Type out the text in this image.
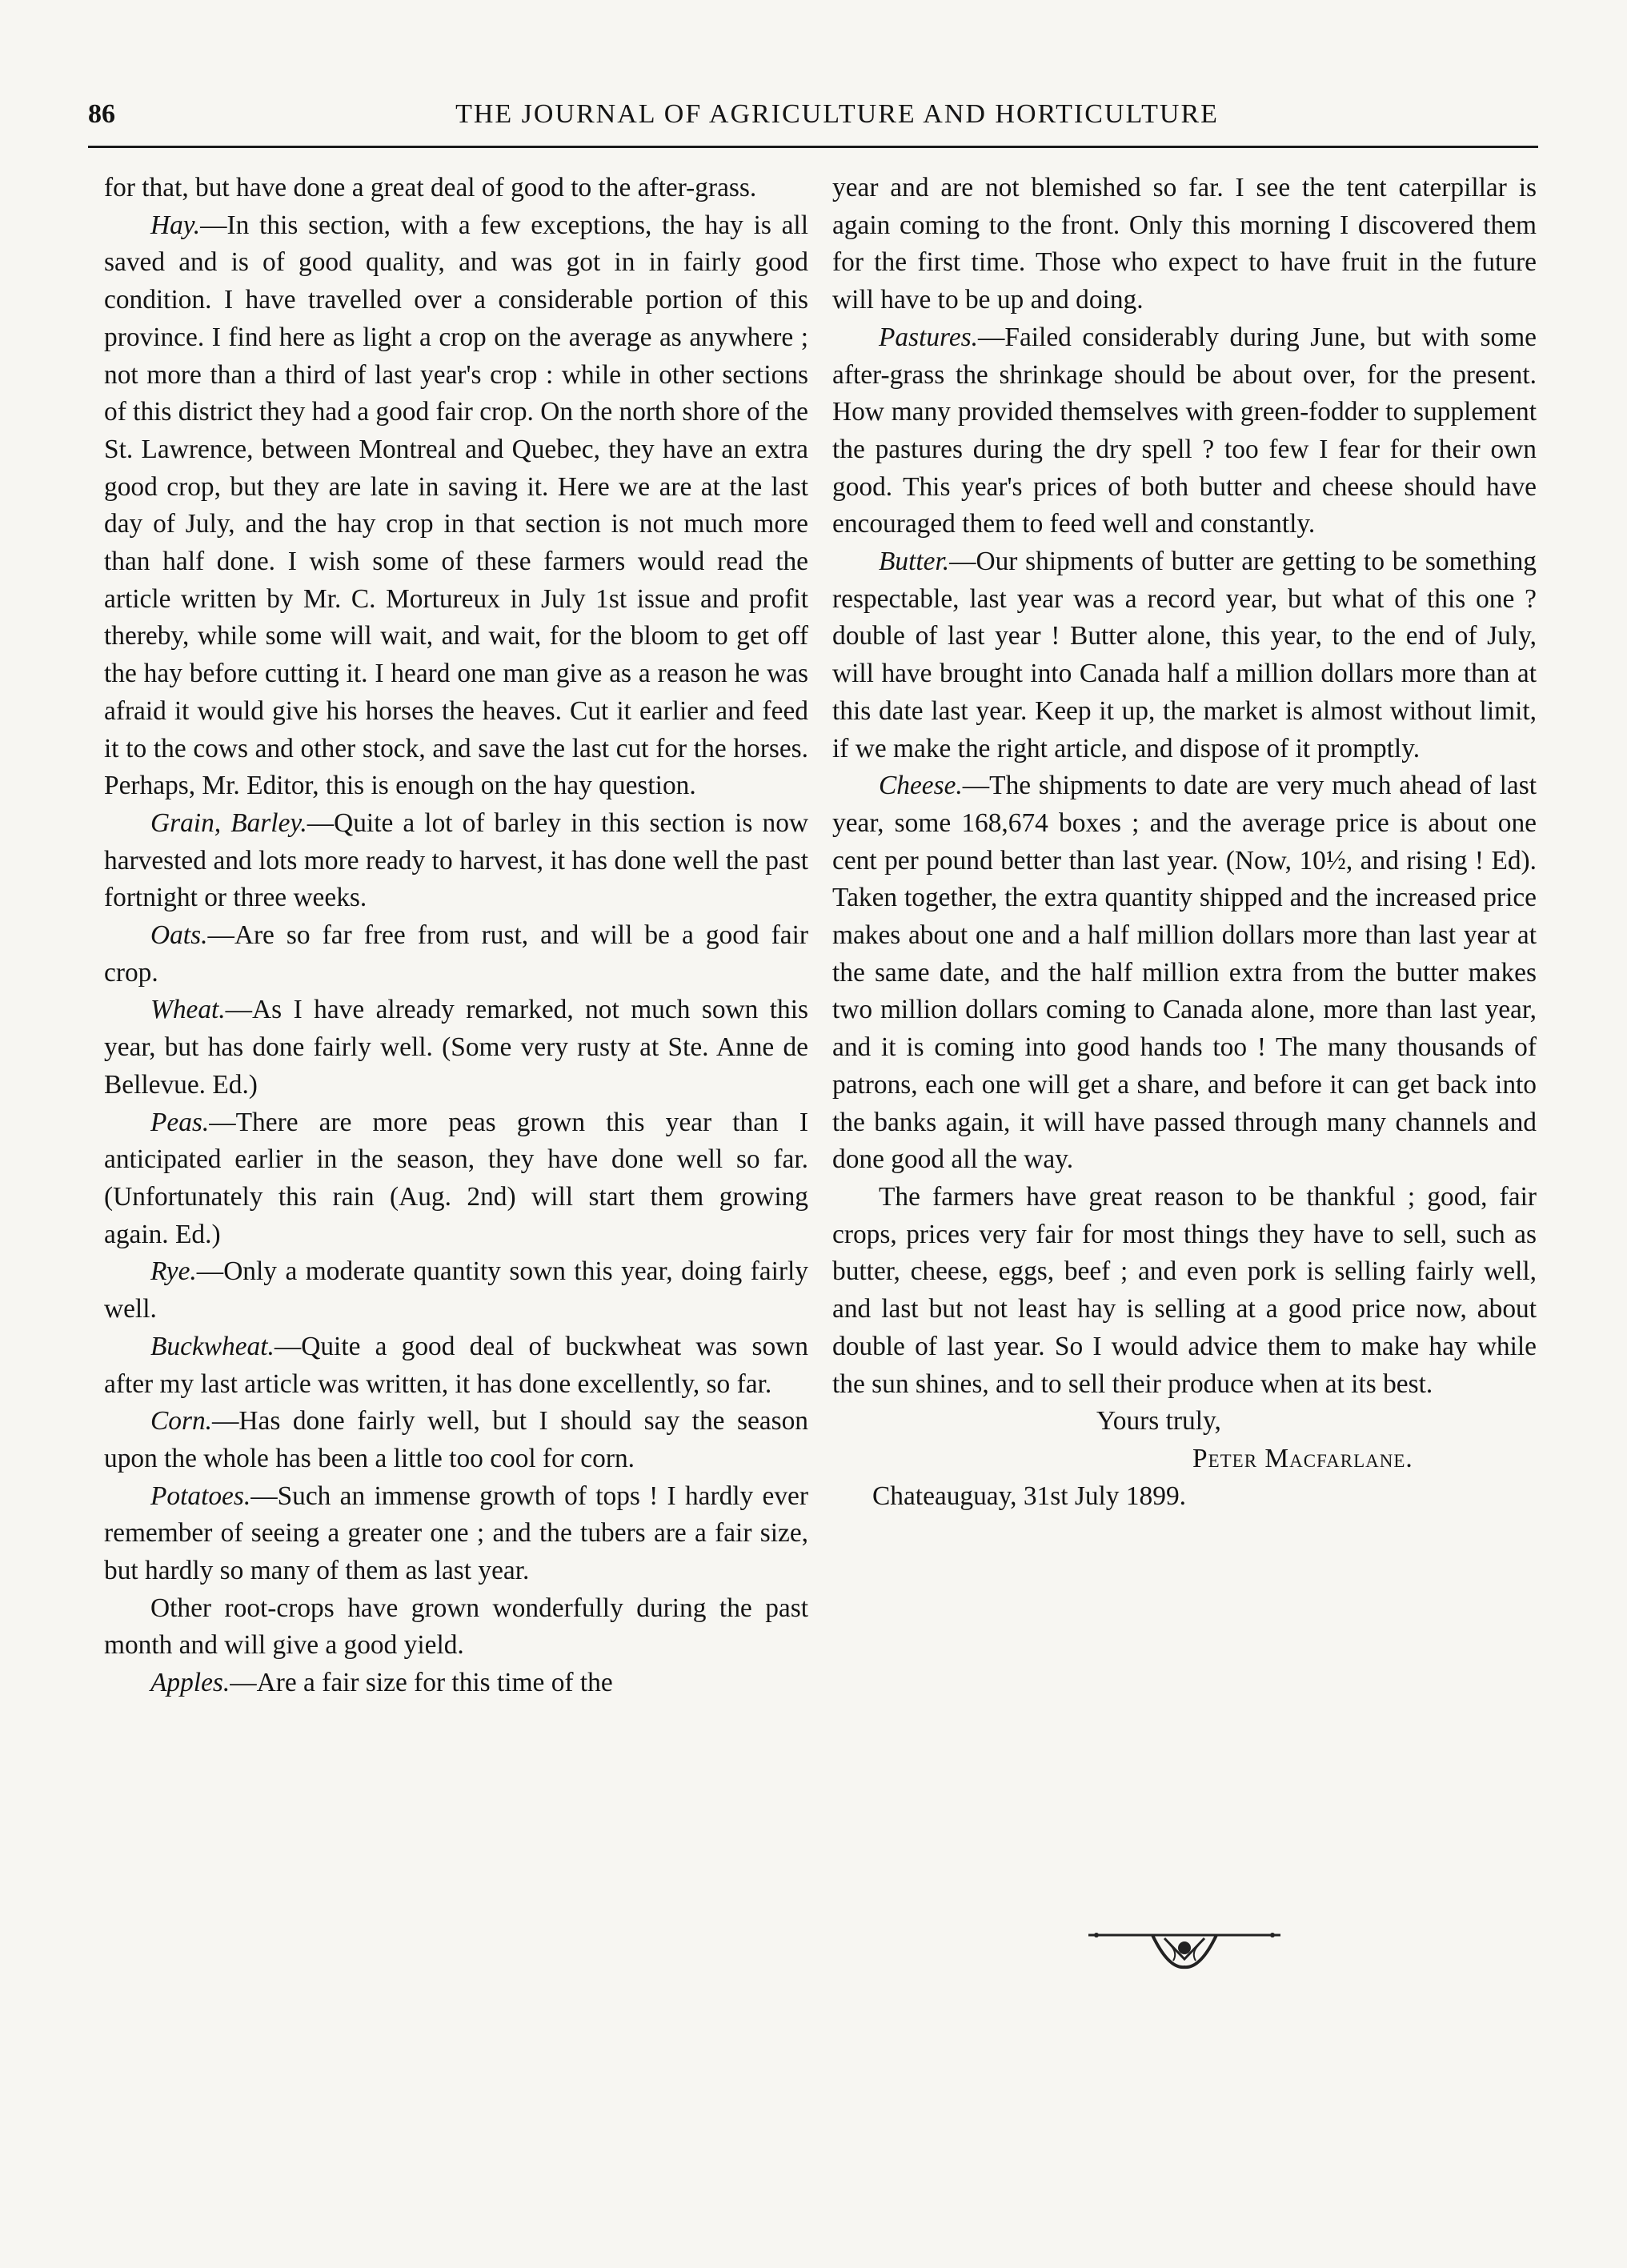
86	THE JOURNAL OF AGRICULTURE AND HORTICULTURE

for that, but have done a great deal of good to the after-grass.

Hay.—In this section, with a few exceptions, the hay is all saved and is of good quality, and was got in in fairly good condition. I have travelled over a considerable portion of this province. I find here as light a crop on the average as anywhere ; not more than a third of last year's crop : while in other sections of this district they had a good fair crop. On the north shore of the St. Lawrence, between Montreal and Quebec, they have an extra good crop, but they are late in saving it. Here we are at the last day of July, and the hay crop in that section is not much more than half done. I wish some of these farmers would read the article written by Mr. C. Mortureux in July 1st issue and profit thereby, while some will wait, and wait, for the bloom to get off the hay before cutting it. I heard one man give as a reason he was afraid it would give his horses the heaves. Cut it earlier and feed it to the cows and other stock, and save the last cut for the horses. Perhaps, Mr. Editor, this is enough on the hay question.

Grain, Barley.—Quite a lot of barley in this section is now harvested and lots more ready to harvest, it has done well the past fortnight or three weeks.

Oats.—Are so far free from rust, and will be a good fair crop.

Wheat.—As I have already remarked, not much sown this year, but has done fairly well. (Some very rusty at Ste. Anne de Bellevue. Ed.)

Peas.—There are more peas grown this year than I anticipated earlier in the season, they have done well so far. (Unfortunately this rain (Aug. 2nd) will start them growing again. Ed.)

Rye.—Only a moderate quantity sown this year, doing fairly well.

Buckwheat.—Quite a good deal of buckwheat was sown after my last article was written, it has done excellently, so far.

Corn.—Has done fairly well, but I should say the season upon the whole has been a little too cool for corn.

Potatoes.—Such an immense growth of tops ! I hardly ever remember of seeing a greater one ; and the tubers are a fair size, but hardly so many of them as last year.

Other root-crops have grown wonderfully during the past month and will give a good yield.

Apples.—Are a fair size for this time of the

year and are not blemished so far. I see the tent caterpillar is again coming to the front. Only this morning I discovered them for the first time. Those who expect to have fruit in the future will have to be up and doing.

Pastures.—Failed considerably during June, but with some after-grass the shrinkage should be about over, for the present. How many provided themselves with green-fodder to supplement the pastures during the dry spell ? too few I fear for their own good. This year's prices of both butter and cheese should have encouraged them to feed well and constantly.

Butter.—Our shipments of butter are getting to be something respectable, last year was a record year, but what of this one ? double of last year ! Butter alone, this year, to the end of July, will have brought into Canada half a million dollars more than at this date last year. Keep it up, the market is almost without limit, if we make the right article, and dispose of it promptly.

Cheese.—The shipments to date are very much ahead of last year, some 168,674 boxes ; and the average price is about one cent per pound better than last year. (Now, 10½, and rising ! Ed). Taken together, the extra quantity shipped and the increased price makes about one and a half million dollars more than last year at the same date, and the half million extra from the butter makes two million dollars coming to Canada alone, more than last year, and it is coming into good hands too ! The many thousands of patrons, each one will get a share, and before it can get back into the banks again, it will have passed through many channels and done good all the way.

The farmers have great reason to be thankful ; good, fair crops, prices very fair for most things they have to sell, such as butter, cheese, eggs, beef ; and even pork is selling fairly well, and last but not least hay is selling at a good price now, about double of last year. So I would advice them to make hay while the sun shines, and to sell their produce when at its best.

Yours truly,

Peter Macfarlane.

Chateauguay, 31st July 1899.
